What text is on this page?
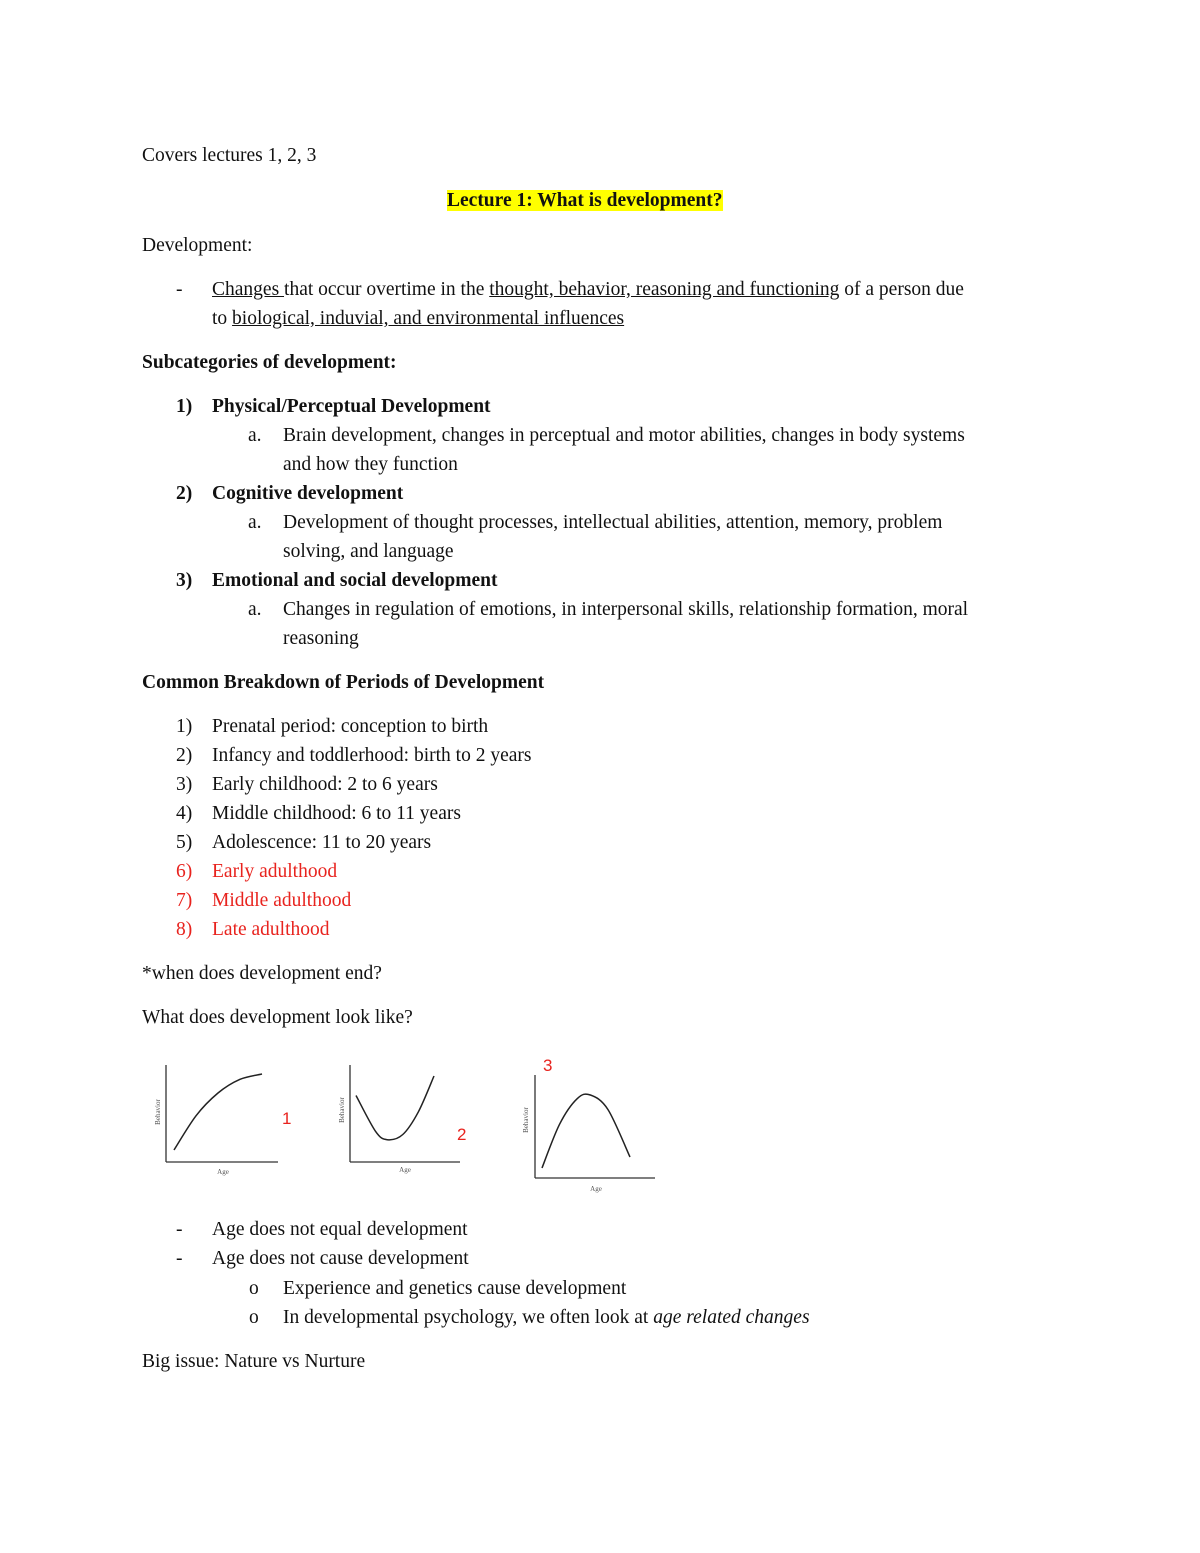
Covers lectures 1, 2, 3
Lecture 1: What is development?
Development:
- Changes that occur overtime in the thought, behavior, reasoning and functioning of a person due
to biological, induvial, and environmental influences
Subcategories of development:
1) Physical/Perceptual Development
a. Brain development, changes in perceptual and motor abilities, changes in body systems
and how they function
2) Cognitive development
a. Development of thought processes, intellectual abilities, attention, memory, problem
solving, and language
3) Emotional and social development
a. Changes in regulation of emotions, in interpersonal skills, relationship formation, moral
reasoning
Common Breakdown of Periods of Development
1) Prenatal period: conception to birth
2) Infancy and toddlerhood: birth to 2 years
3) Early childhood: 2 to 6 years
4) Middle childhood: 6 to 11 years
5) Adolescence: 11 to 20 years
6) Early adulthood
7) Middle adulthood
8) Late adulthood
*when does development end?
What does development look like?
Behavior
Age
1	Behavior
Age
2
Behavior
Age
3
- Age does not equal development
- Age does not cause development
o Experience and genetics cause development
o In developmental psychology, we often look at age related changes
Big issue: Nature vs Nurture
